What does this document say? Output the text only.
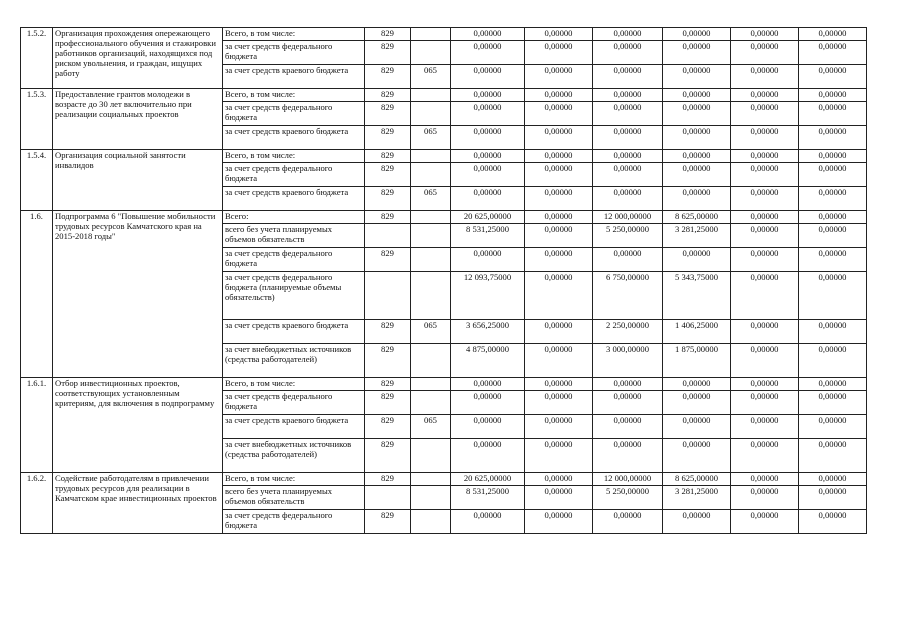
1.5.2.	Организация прохождения опережающего профессионального обучения и стажировки работников организаций, находящихся под риском увольнения, и граждан, ищущих работу	Всего, в том числе:	829		0,00000	0,00000	0,00000	0,00000	0,00000	0,00000
		за счет средств федерального бюджета	829		0,00000	0,00000	0,00000	0,00000	0,00000	0,00000
		за счет средств краевого бюджета	829	065	0,00000	0,00000	0,00000	0,00000	0,00000	0,00000
1.5.3.	Предоставление грантов молодежи в возрасте до 30 лет включительно при реализации социальных проектов	Всего, в том числе:	829		0,00000	0,00000	0,00000	0,00000	0,00000	0,00000
		за счет средств федерального бюджета	829		0,00000	0,00000	0,00000	0,00000	0,00000	0,00000
		за счет средств краевого бюджета	829	065	0,00000	0,00000	0,00000	0,00000	0,00000	0,00000
1.5.4.	Организация социальной занятости инвалидов	Всего, в том числе:	829		0,00000	0,00000	0,00000	0,00000	0,00000	0,00000
		за счет средств федерального бюджета	829		0,00000	0,00000	0,00000	0,00000	0,00000	0,00000
		за счет средств краевого бюджета	829	065	0,00000	0,00000	0,00000	0,00000	0,00000	0,00000
1.6.	Подпрограмма 6 "Повышение мобильности трудовых ресурсов Камчатского края на 2015-2018 годы"	Всего:	829		20 625,00000	0,00000	12 000,00000	8 625,00000	0,00000	0,00000
		всего без учета планируемых объемов обязательств			8 531,25000	0,00000	5 250,00000	3 281,25000	0,00000	0,00000
		за счет средств федерального бюджета	829		0,00000	0,00000	0,00000	0,00000	0,00000	0,00000
		за счет средств федерального бюджета (планируемые объемы обязательств)			12 093,75000	0,00000	6 750,00000	5 343,75000	0,00000	0,00000
		за счет средств краевого бюджета	829	065	3 656,25000	0,00000	2 250,00000	1 406,25000	0,00000	0,00000
		за счет внебюджетных источников (средства работодателей)	829		4 875,00000	0,00000	3 000,00000	1 875,00000	0,00000	0,00000
1.6.1.	Отбор инвестиционных проектов, соответствующих установленным критериям, для включения в подпрограмму	Всего, в том числе:	829		0,00000	0,00000	0,00000	0,00000	0,00000	0,00000
		за счет средств федерального бюджета	829		0,00000	0,00000	0,00000	0,00000	0,00000	0,00000
		за счет средств краевого бюджета	829	065	0,00000	0,00000	0,00000	0,00000	0,00000	0,00000
		за счет внебюджетных источников (средства работодателей)	829		0,00000	0,00000	0,00000	0,00000	0,00000	0,00000
1.6.2.	Содействие работодателям в привлечении трудовых ресурсов для реализации в Камчатском крае инвестиционных проектов	Всего, в том числе:	829		20 625,00000	0,00000	12 000,00000	8 625,00000	0,00000	0,00000
		всего без учета планируемых объемов обязательств			8 531,25000	0,00000	5 250,00000	3 281,25000	0,00000	0,00000
		за счет средств федерального бюджета	829		0,00000	0,00000	0,00000	0,00000	0,00000	0,00000
